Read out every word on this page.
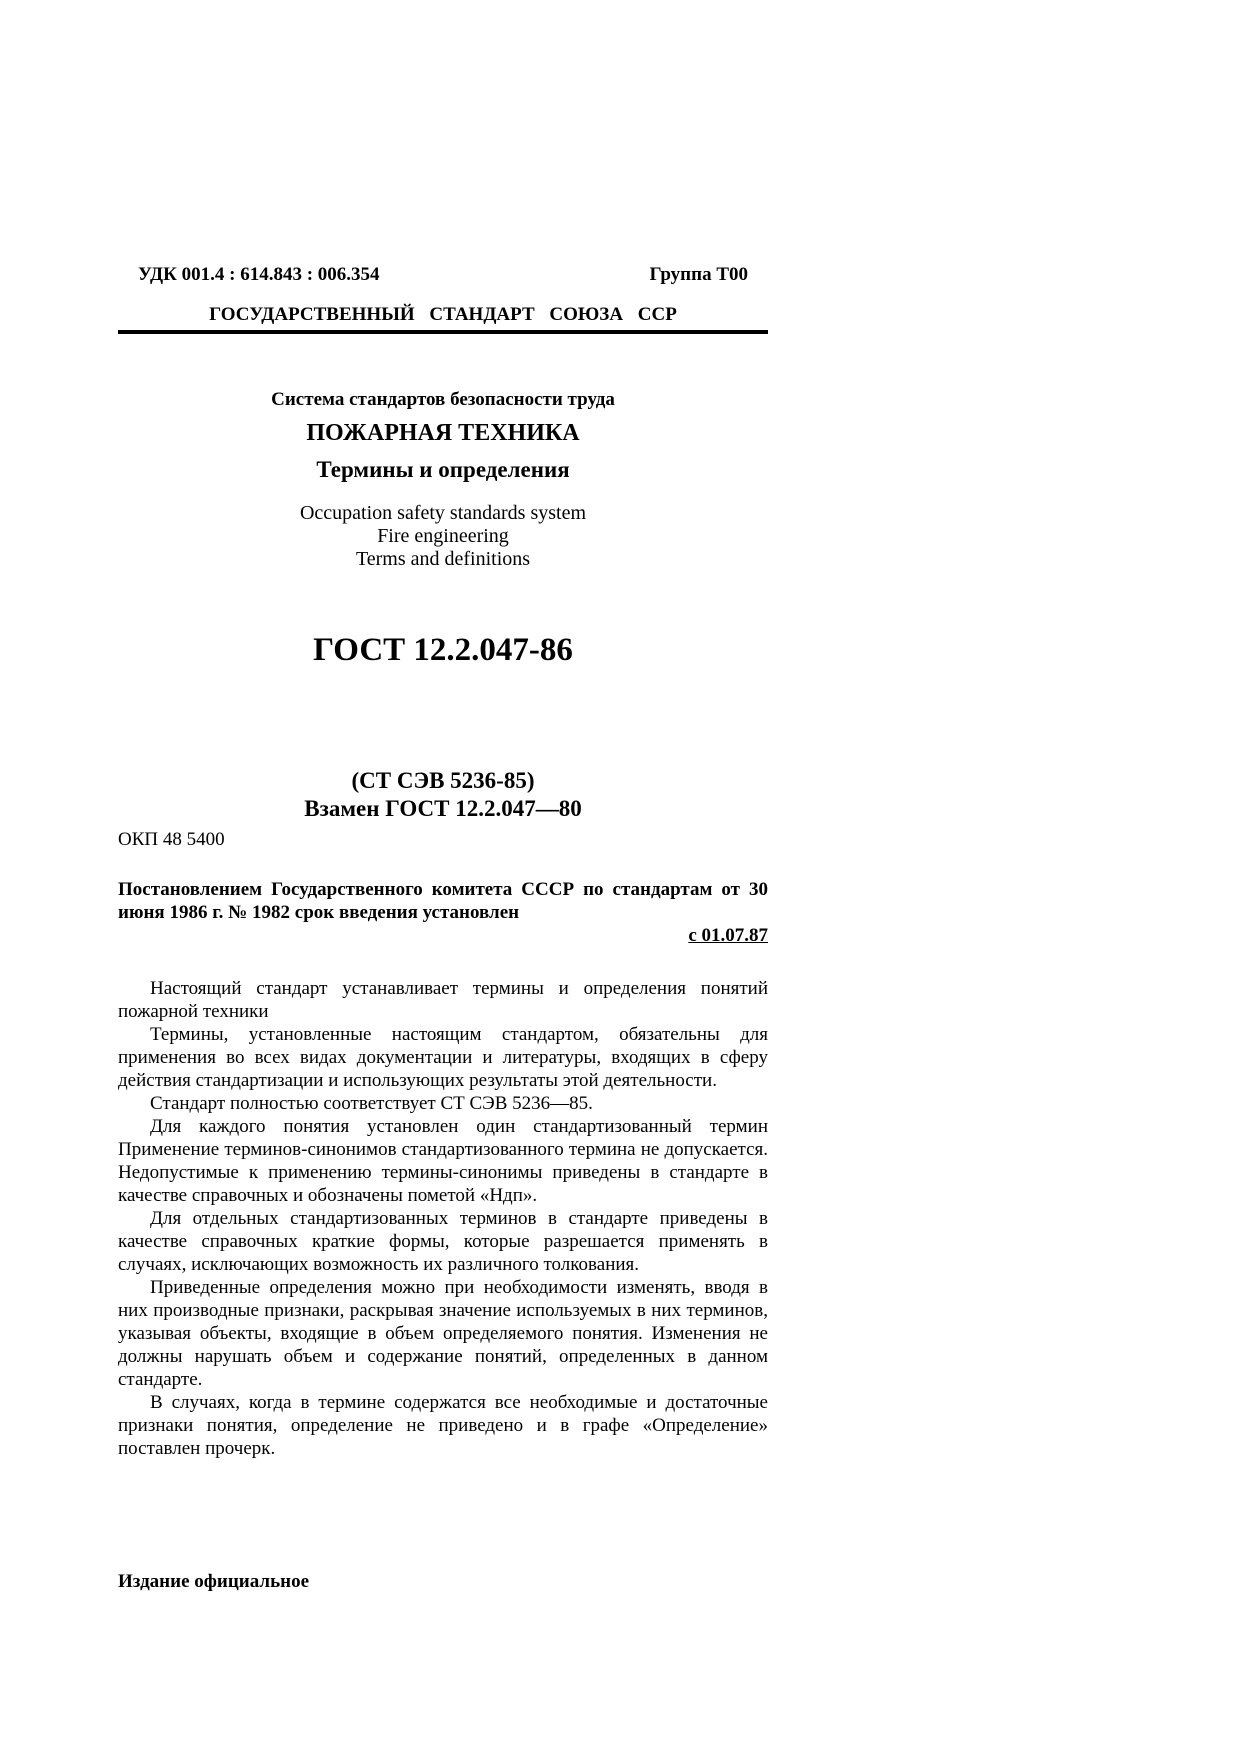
УДК 001.4 : 614.843 : 006.354	Группа Т00
ГОСУДАРСТВЕННЫЙ СТАНДАРТ СОЮЗА ССР
Система стандартов безопасности труда
ПОЖАРНАЯ ТЕХНИКА
Термины и определения
Occupation safety standards system
Fire engineering
Terms and definitions
ГОСТ 12.2.047-86
(СТ СЭВ 5236-85)
Взамен ГОСТ 12.2.047—80
ОКП 48 5400
Постановлением Государственного комитета СССР по стандартам от 30 июня 1986 г. № 1982 срок введения установлен
с 01.07.87

Настоящий стандарт устанавливает термины и определения понятий пожарной техники

Термины, установленные настоящим стандартом, обязательны для применения во всех видах документации и литературы, входящих в сферу действия стандартизации и использующих результаты этой деятельности.

Стандарт полностью соответствует СТ СЭВ 5236—85.

Для каждого понятия установлен один стандартизованный термин Применение терминов-синонимов стандартизованного термина не допускается. Недопустимые к применению термины-синонимы приведены в стандарте в качестве справочных и обозначены пометой «Ндп».

Для отдельных стандартизованных терминов в стандарте приведены в качестве справочных краткие формы, которые разрешается применять в случаях, исключающих возможность их различного толкования.

Приведенные определения можно при необходимости изменять, вводя в них производные признаки, раскрывая значение используемых в них терминов, указывая объекты, входящие в объем определяемого понятия. Изменения не должны нарушать объем и содержание понятий, определенных в данном стандарте.

В случаях, когда в термине содержатся все необходимые и достаточные признаки понятия, определение не приведено и в графе «Определение» поставлен прочерк.

Издание официальное
